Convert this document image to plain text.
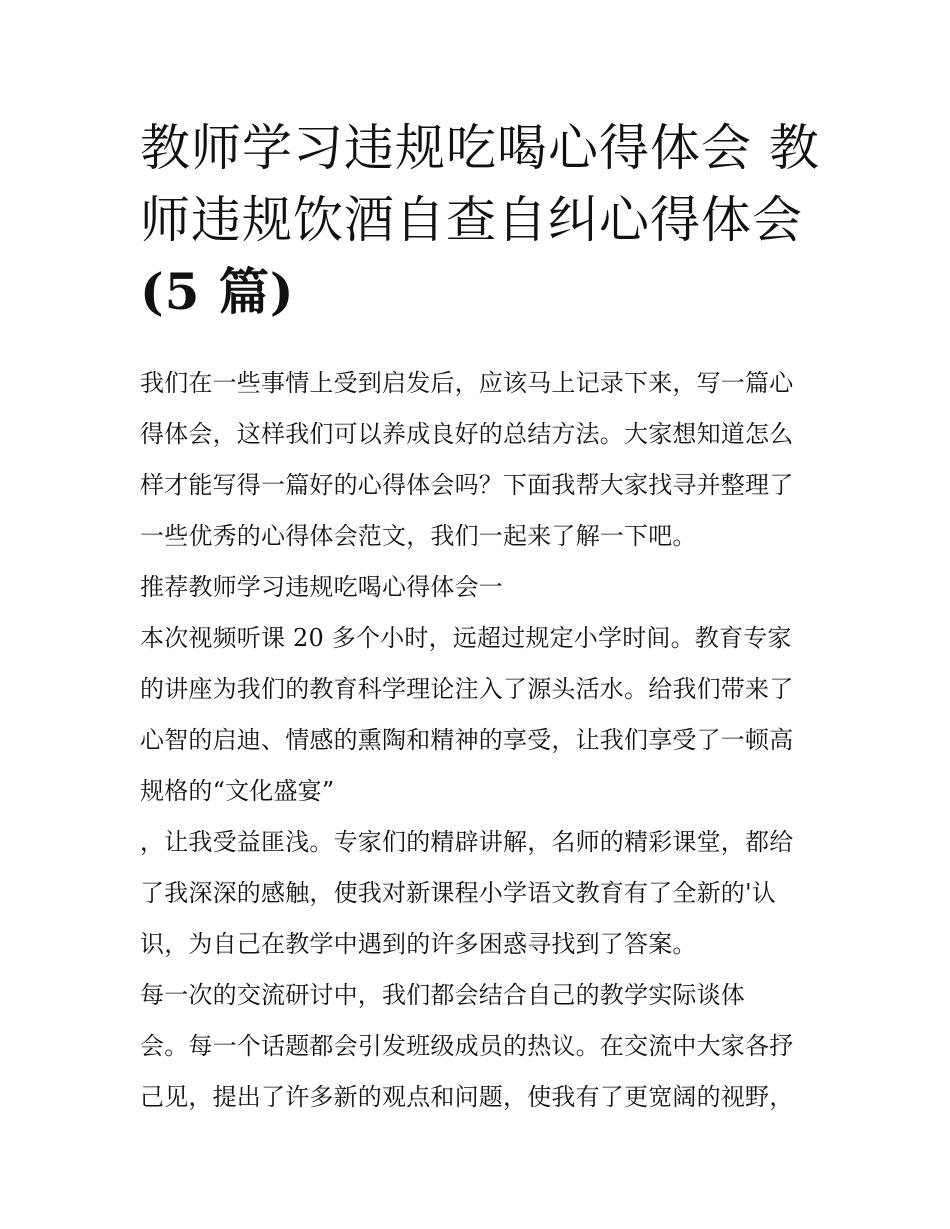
教师学习违规吃喝心得体会 教
师违规饮酒自查自纠心得体会
(5 篇)
我们在一些事情上受到启发后，应该马上记录下来，写一篇心
得体会，这样我们可以养成良好的总结方法。大家想知道怎么
样才能写得一篇好的心得体会吗？下面我帮大家找寻并整理了
一些优秀的心得体会范文，我们一起来了解一下吧。
推荐教师学习违规吃喝心得体会一
本次视频听课 20 多个小时，远超过规定小学时间。教育专家
的讲座为我们的教育科学理论注入了源头活水。给我们带来了
心智的启迪、情感的熏陶和精神的享受，让我们享受了一顿高
规格的“文化盛宴”
，让我受益匪浅。专家们的精辟讲解，名师的精彩课堂，都给
了我深深的感触，使我对新课程小学语文教育有了全新的'认
识，为自己在教学中遇到的许多困惑寻找到了答案。
每一次的交流研讨中，我们都会结合自己的教学实际谈体
会。每一个话题都会引发班级成员的热议。在交流中大家各抒
己见，提出了许多新的观点和问题，使我有了更宽阔的视野，
